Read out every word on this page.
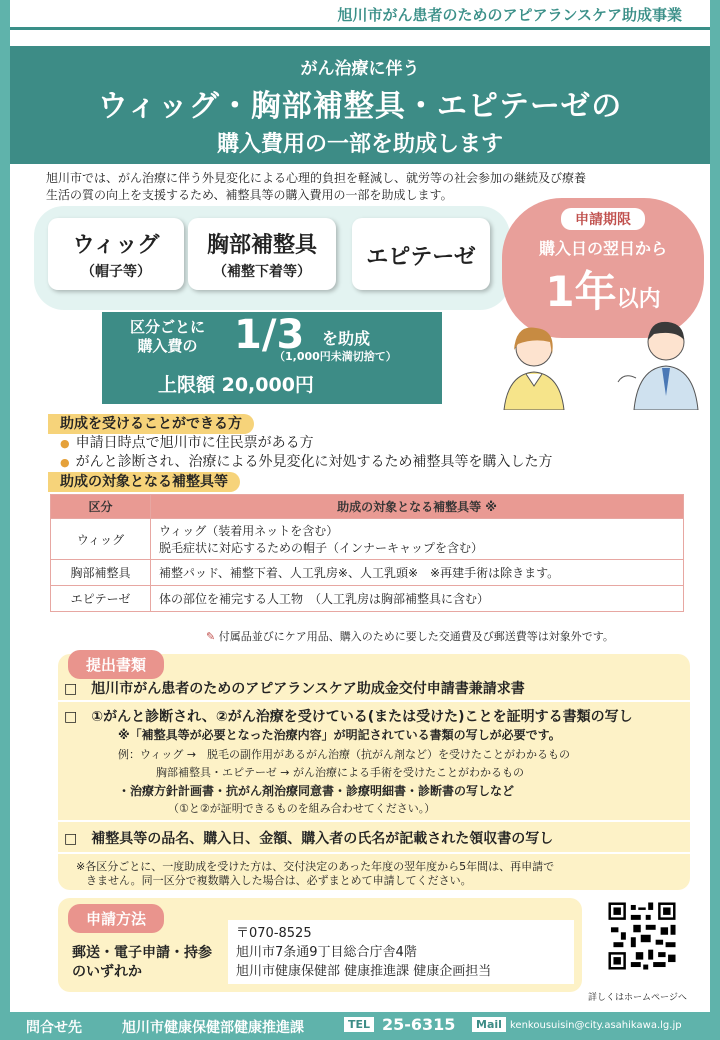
旭川市がん患者のためのアピアランスケア助成事業
がん治療に伴う
ウィッグ・胸部補整具・エピテーゼの
購入費用の一部を助成します
旭川市では、がん治療に伴う外見変化による心理的負担を軽減し、就労等の社会参加の継続及び療養
生活の質の向上を支援するため、補整具等の購入費用の一部を助成します。
ウィッグ
（帽子等）
胸部補整具
（補整下着等）
エピテーゼ
区分ごとに
購入費の 1/3 を助成
（1,000円未満切捨て）
上限額 20,000円
申請期限
購入日の翌日から
1年以内
助成を受けることができる方
● 申請日時点で旭川市に住民票がある方
● がんと診断され、治療による外見変化に対処するため補整具等を購入した方
助成の対象となる補整具等
区分	助成の対象となる補整具等 ※
ウィッグ	ウィッグ（装着用ネットを含む）
脱毛症状に対応するための帽子（インナーキャップを含む）

胸部補整具	補整パッド、補整下着、人工乳房※、人工乳頭※　※再建手術は除きます。
エピテーゼ	体の部位を補完する人工物　（人工乳房は胸部補整具に含む）
✎ 付属品並びにケア用品、購入のために要した交通費及び郵送費等は対象外です。
提出書類
□　旭川市がん患者のためのアピアランスケア助成金交付申請書兼請求書
□　①がんと診断され、②がん治療を受けている(または受けた)ことを証明する書類の写し
※「補整具等が必要となった治療内容」が明記されている書類の写しが必要です。
例：ウィッグ →　脱毛の副作用があるがん治療（抗がん剤など）を受けたことがわかるもの
胸部補整具・エピテーゼ → がん治療による手術を受けたことがわかるもの
・治療方針計画書・抗がん剤治療同意書・診療明細書・診断書の写しなど
（①と②が証明できるものを組み合わせてください。）
□　補整具等の品名、購入日、金額、購入者の氏名が記載された領収書の写し
※各区分ごとに、一度助成を受けた方は、交付決定のあった年度の翌年度から5年間は、再申請で
きません。同一区分で複数購入した場合は、必ずまとめて申請してください。
申請方法
郵送・電子申請・持参
のいずれか
〒070-8525
旭川市7条通9丁目総合庁舎4階
旭川市健康保健部 健康推進課 健康企画担当
詳しくはホームページへ
問合せ先	旭川市健康保健部健康推進課	TEL 25-6315	Mail kenkousuisin@city.asahikawa.lg.jp
